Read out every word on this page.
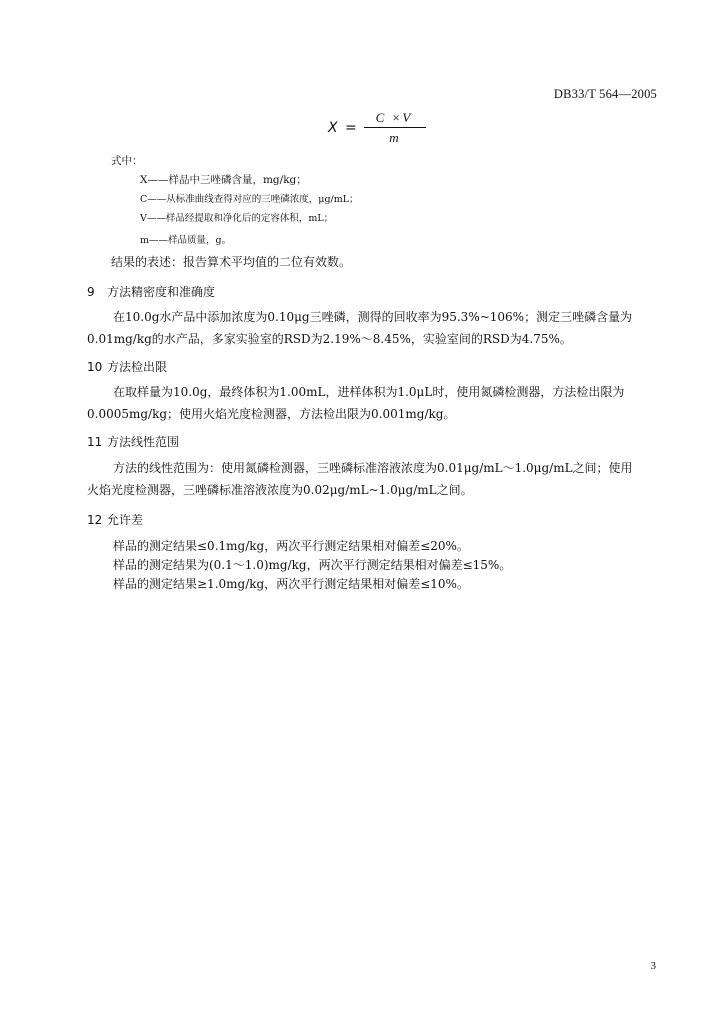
DB33/T 564—2005
X =
C ×V
m
式中：
X——样品中三唑磷含量，mg/kg；
C——从标准曲线查得对应的三唑磷浓度，μg/mL；
V——样品经提取和净化后的定容体积，mL；
m——样品质量，g。
结果的表述：报告算术平均值的二位有效数。
9 方法精密度和准确度
在10.0g水产品中添加浓度为0.10μg三唑磷，测得的回收率为95.3%~106%；测定三唑磷含量为
0.01mg/kg的水产品，多家实验室的RSD为2.19%～8.45%，实验室间的RSD为4.75%。
10 方法检出限
在取样量为10.0g，最终体积为1.00mL，进样体积为1.0μL时，使用氮磷检测器，方法检出限为
0.0005mg/kg；使用火焰光度检测器，方法检出限为0.001mg/kg。
11 方法线性范围
方法的线性范围为：使用氮磷检测器，三唑磷标准溶液浓度为0.01μg/mL～1.0μg/mL之间；使用
火焰光度检测器，三唑磷标准溶液浓度为0.02μg/mL~1.0μg/mL之间。
12 允许差
样品的测定结果≤0.1mg/kg，两次平行测定结果相对偏差≤20%。
样品的测定结果为(0.1～1.0)mg/kg，两次平行测定结果相对偏差≤15%。
样品的测定结果≥1.0mg/kg，两次平行测定结果相对偏差≤10%。
3
